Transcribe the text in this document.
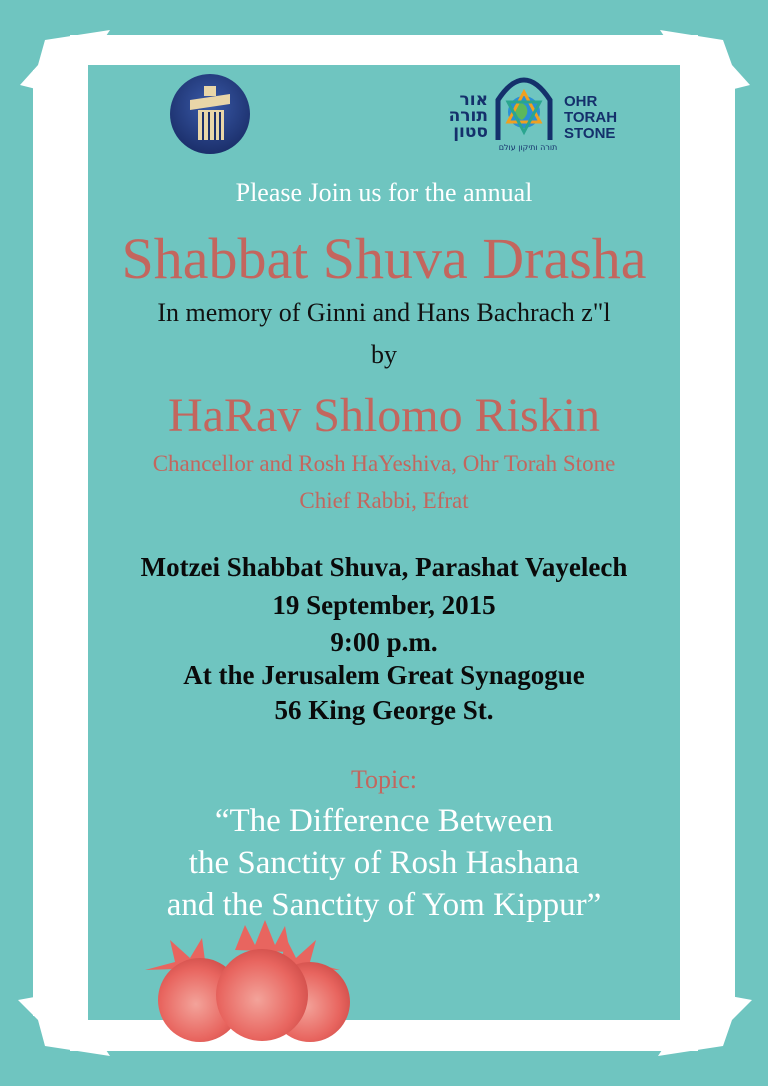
אור
תורה
סטון
OHR
TORAH
STONE
תורה ותיקון עולם
Please Join us for the annual
Shabbat Shuva Drasha
In memory of Ginni and Hans Bachrach z"l
by
HaRav Shlomo Riskin
Chancellor and Rosh HaYeshiva, Ohr Torah Stone
Chief Rabbi, Efrat
Motzei Shabbat Shuva, Parashat Vayelech
19 September, 2015
9:00 p.m.
At the Jerusalem Great Synagogue
56 King George St.
Topic:
“The Difference Between
the Sanctity of Rosh Hashana
and the Sanctity of Yom Kippur”
